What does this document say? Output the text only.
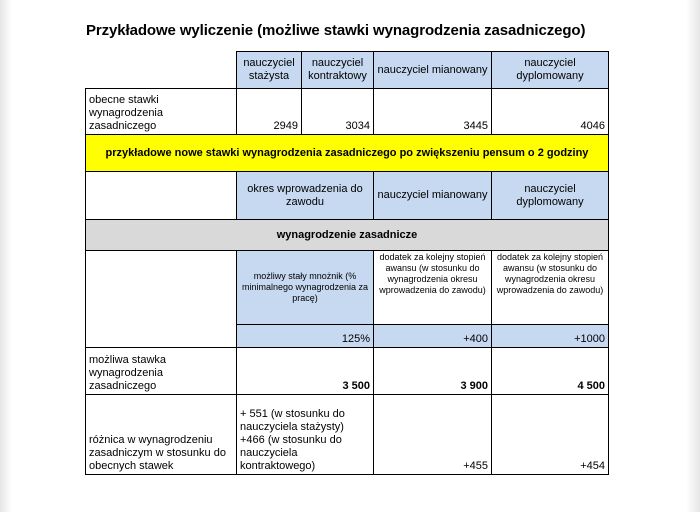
Przykładowe wyliczenie (możliwe stawki wynagrodzenia zasadniczego)
	nauczyciel stażysta	nauczyciel kontraktowy	nauczyciel mianowany	nauczyciel dyplomowany
obecne stawki wynagrodzenia zasadniczego	2949	3034	3445	4046
przykładowe nowe stawki wynagrodzenia zasadniczego po zwiększeniu pensum o 2 godziny				
	okres wprowadzenia do zawodu		nauczyciel mianowany	nauczyciel dyplomowany
wynagrodzenie zasadnicze				
	możliwy stały mnożnik (% minimalnego wynagrodzenia za pracę)		dodatek za kolejny stopień awansu (w stosunku do wynagrodzenia okresu wprowadzenia do zawodu)	dodatek za kolejny stopień awansu (w stosunku do wynagrodzenia okresu wprowadzenia do zawodu)
	125%		+400	+1000
możliwa stawka wynagrodzenia zasadniczego	3 500		3 900	4 500
różnica w wynagrodzeniu zasadniczym w stosunku do obecnych stawek	+ 551 (w stosunku do nauczyciela stażysty) +466 (w stosunku do nauczyciela kontraktowego)		+455	+454
